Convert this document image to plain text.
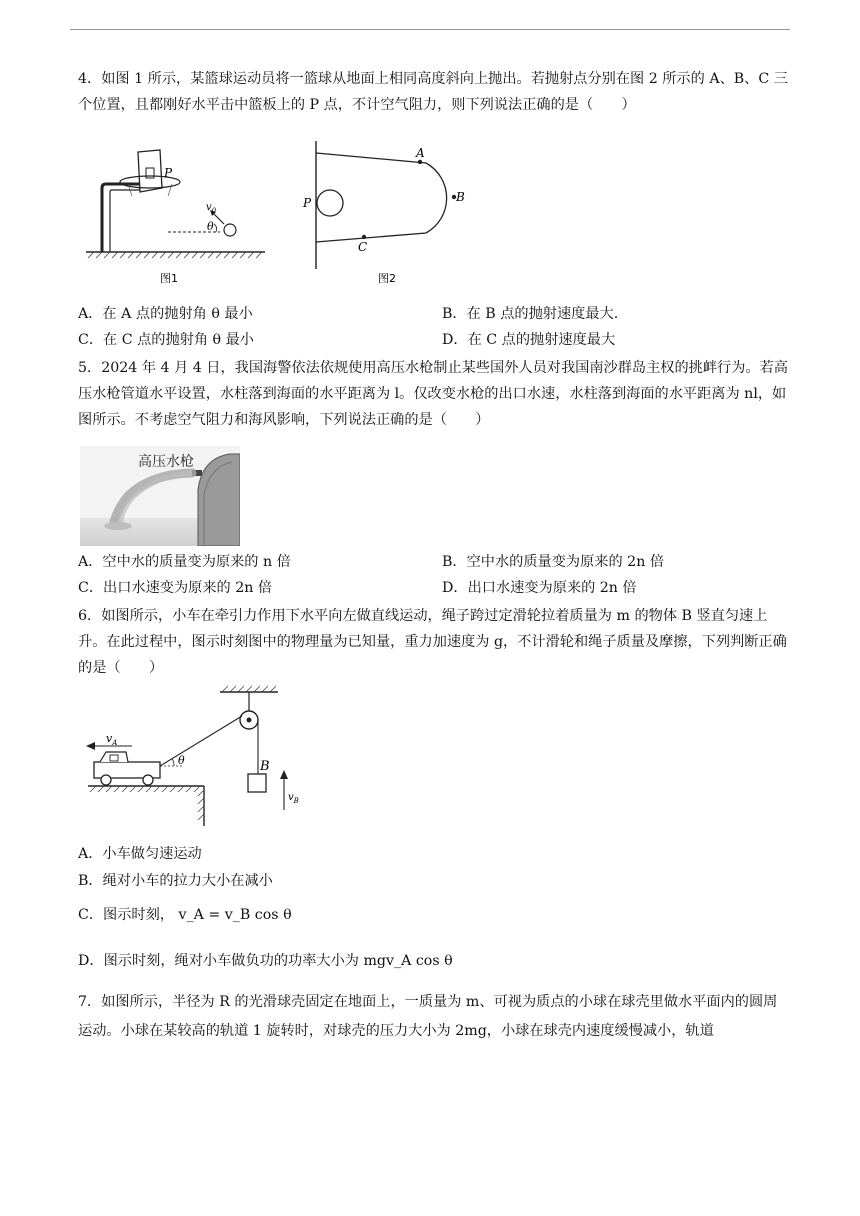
4．如图 1 所示，某篮球运动员将一篮球从地面上相同高度斜向上抛出。若抛射点分别在图 2 所示的 A、B、C 三个位置，且都刚好水平击中篮板上的 P 点，不计空气阻力，则下列说法正确的是（　　）

P
$v_0$
θ
图1
A
B
C
P
图2
A．在 A 点的抛射角 θ 最小	B．在 B 点的抛射速度最大.
C．在 C 点的抛射角 θ 最小	D．在 C 点的抛射速度最大

5．2024 年 4 月 4 日，我国海警依法依规使用高压水枪制止某些国外人员对我国南沙群岛主权的挑衅行为。若高压水枪管道水平设置，水柱落到海面的水平距离为 l。仅改变水枪的出口水速，水柱落到海面的水平距离为 nl，如图所示。不考虑空气阻力和海风影响，下列说法正确的是（　　）

高压水枪
A．空中水的质量变为原来的 n 倍	B．空中水的质量变为原来的 2n 倍
C．出口水速变为原来的 2n 倍	D．出口水速变为原来的 2n 倍

6．如图所示，小车在牵引力作用下水平向左做直线运动，绳子跨过定滑轮拉着质量为 m 的物体 B 竖直匀速上升。在此过程中，图示时刻图中的物理量为已知量，重力加速度为 g，不计滑轮和绳子质量及摩擦，下列判断正确的是（　　）

$v_A$
θ	B
$v_B$
A．小车做匀速运动
B．绳对小车的拉力大小在减小
C．图示时刻， v_A = v_B cos θ
D．图示时刻，绳对小车做负功的功率大小为 mgv_A cos θ

7．如图所示，半径为 R 的光滑球壳固定在地面上，一质量为 m、可视为质点的小球在球壳里做水平面内的圆周运动。小球在某较高的轨道 1 旋转时，对球壳的压力大小为 2mg，小球在球壳内速度缓慢减小，轨道
